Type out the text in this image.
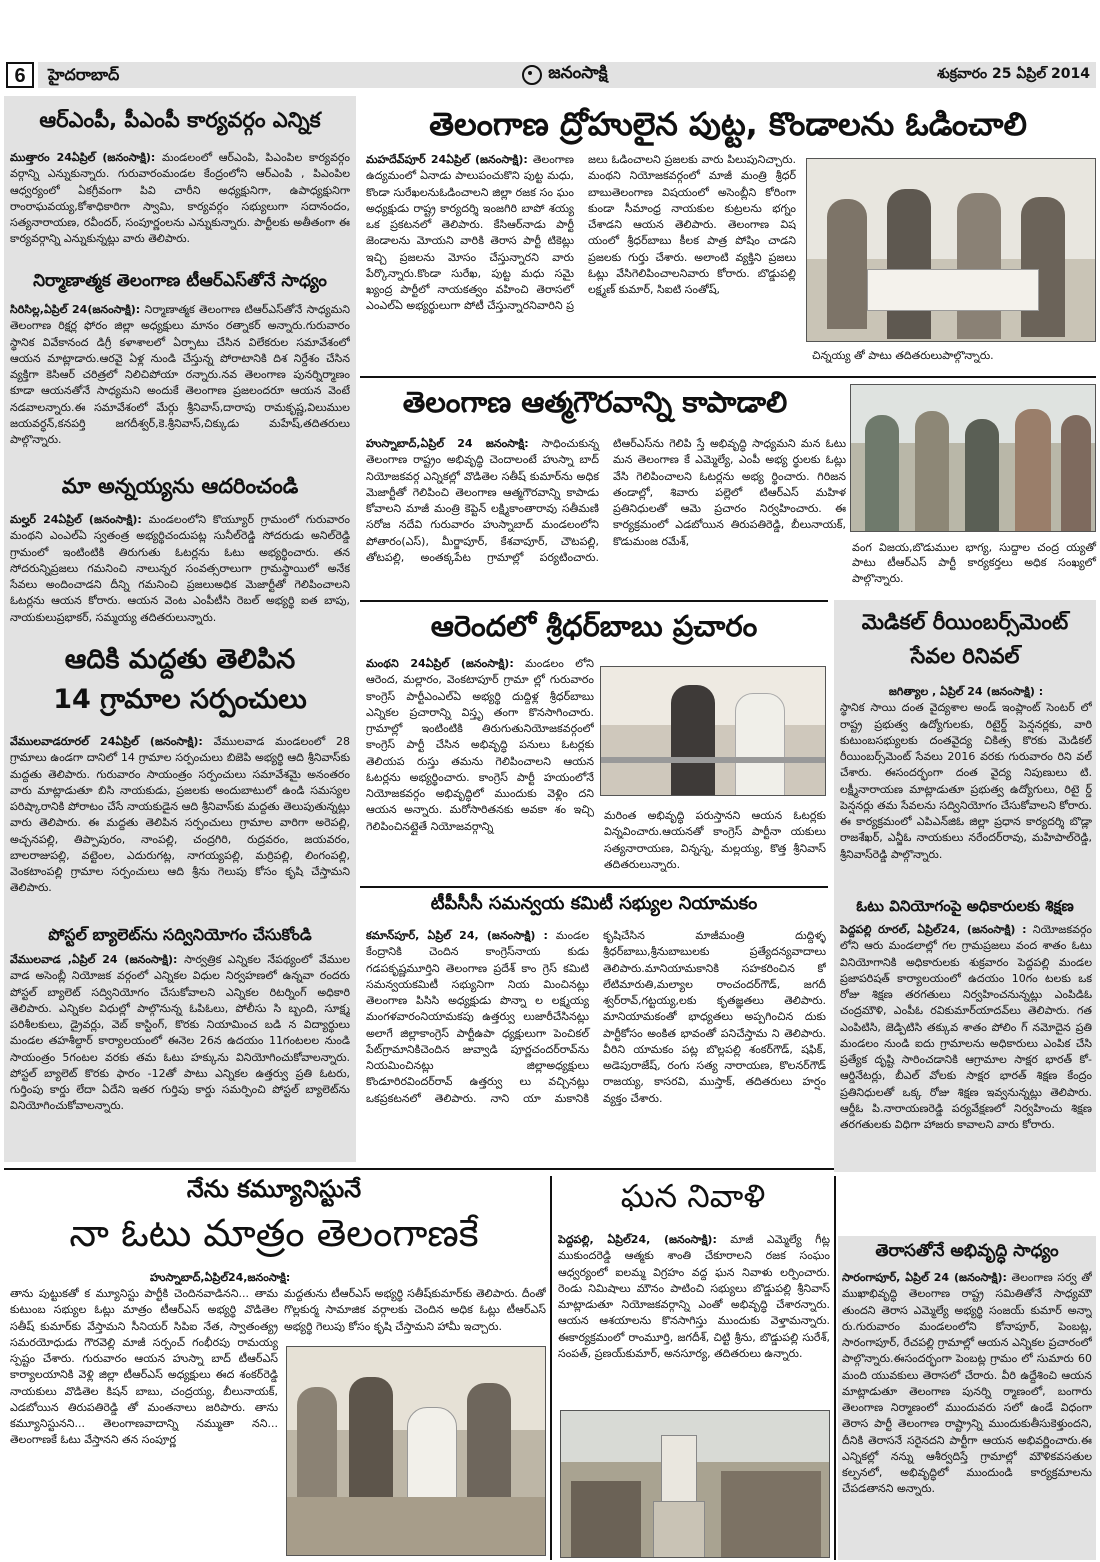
6	హైదరాబాద్	జనంసాక్షి	శుక్రవారం 25 ఏప్రిల్ 2014
ఆర్ఎంపీ, పీఎంపీ కార్యవర్గం ఎన్నిక
ముత్తారం 24ఏప్రిల్ (జనంసాక్షి): మండలంలో ఆర్ఎంపి, పిఎంపిల కార్యవర్గం వర్గాన్ని ఎన్నుకున్నారు. గురువారంమండల కేంద్రంలోని ఆర్ఎంపి , పిఎంపిల ఆధ్వర్యంలో ఏకగ్రీవంగా పివి చారీని అధ్యక్షునిగా, ఉపాధ్యక్షునిగా రాంరాఘవయ్య,కోశాధికారిగా స్వామి, కార్యవర్గం సభ్యులుగా సదానందం, సత్యనారాయణ, రవీందర్, సంపూర్ణంలను ఎన్నుకున్నారు. పార్టీలకు అతీతంగా ఈ కార్యవర్గాన్ని ఎన్నుకున్నట్లు వారు తెలిపారు.
నిర్మాణాత్మక తెలంగాణ టీఆర్ఎస్‌తోనే సాధ్యం
సిరిసిల్ల,ఏప్రిల్ 24(జనంసాక్షి): నిర్మాణాత్మక తెలంగాణ టిఆర్ఎస్‌తోనే సాధ్యమని తెలంగాణ రిక్షర్ల ఫోరం జిల్లా అధ్యక్షులు మానం రత్నాకర్ అన్నారు.గురువారం స్థానిక వివేకానంద డిగ్రీ కళాశాలలో ఏర్పాటు చేసిన విలేకరుల సమావేశంలో ఆయన మాట్లాడారు.ఆరవై ఏళ్ల నుండి చేస్తున్న పోరాటానికి దిశ నిర్దేశం చేసిన వ్యక్తిగా కెసిఆర్ చరిత్రలో నిలిచిపోయా రన్నారు.నవ తెలంగాణ పునర్నిర్మాణం కూడా ఆయనతోనే సాధ్యమని అందుకే తెలంగాణ ప్రజలందరూ ఆయన వెంటే నడవాలన్నారు.ఈ సమావేశంలో మేర్గు శ్రీనివాస్,దారాపు రామకృష్ణ,విలుముల జయవర్ధన్,కనపర్తి జగదీశ్వర్,కె.శ్రీనివాస్,చిక్కుడు మహేష్,తదితరులు పాల్గొన్నారు.
మా అన్నయ్యను ఆదరించండి
మల్హర్ 24ఏప్రిల్ (జనంసాక్షి): మండలంలోని కొయ్యూర్ గ్రామంలో గురువారం మంథని ఎంఎల్ఏ స్వతంత్ర అభ్యర్థిచందుపట్ల సునీల్‌రెడ్డి సోదరుడు అనిల్‌రెడ్డి గ్రామంలో ఇంటింటికి తిరుగుతు ఓటర్లను ఓటు అభ్యర్థించారు. తన సోదరున్నిప్రజలు గమనించి నాలున్నర సంవత్సరాలుగా గ్రామస్థాయిలో అనేక సేవలు అందించాడని దీన్ని గమనించి ప్రజలుఅధిక మెజార్టీతో గెలిపించాలని ఓటర్లను ఆయన కోరారు. ఆయన వెంట ఎంపీటీసి రెబల్ అభ్యర్థి ఐత బాపు, నాయకులుప్రభాకర్, సమ్మయ్య తదితరులున్నారు.
ఆదికి మద్దతు తెలిపిన
14 గ్రామాల సర్పంచులు
వేములవాడరూరల్ 24ఏప్రిల్ (జనంసాక్షి): వేములవాడ మండలంలో 28 గ్రామాలు ఉండగా దానిలో 14 గ్రామాల సర్పంచులు బిజెపి అభ్యర్థి ఆది శ్రీనివాస్‌కు మద్దతు తెలిపారు. గురువారం సాయంత్రం సర్పంచులు సమావేశమై అనంతరం వారు మాట్లాడుతూ బిసి నాయకుడు, ప్రజలకు అందుబాటులో ఉండి సమస్యల పరిష్కారానికి పోరాటం చేసే నాయకుడైన ఆది శ్రీనివాస్‌కు మద్దతు తెలుపుతున్నట్లు వారు తెలిపారు. ఈ మద్దతు తెలిపిన సర్పంచులు గ్రామాల వారిగా అరెపల్లి, అచ్చనపల్లి, తిప్పాపురం, నాంపల్లి, చంద్రగిరి, రుద్రవరం, జయవరం, బాలరాజుపల్లి, వట్టెంల, ఎదురుగట్ల, నాగయ్యపల్లి, మర్రిపల్లి, లింగంపల్లి, వెంకటాంపల్లి గ్రామాల సర్పంచులు ఆది శ్రీను గెలుపు కోసం కృషి చేస్తామని తెలిపారు.
పోస్టల్ బ్యాలెట్‌ను సద్వినియోగం చేసుకోండి
వేములవాడ ,ఏప్రిల్ 24 (జనంసాక్షి): సార్వత్రిక ఎన్నికల నేపథ్యంలో వేముల వాడ అసెంబ్లీ నియోజక వర్గంలో ఎన్నికల విధుల నిర్వహణలో ఉన్నవా రందరు పోస్టల్ బ్యాలెట్ సద్వినియోగం చేసుకోవాలని ఎన్నికల రిటర్నింగ్ అధికారి తెలిపారు. ఎన్నికల విధుల్లో పాల్గొనున్న ఓపిఓలు, పోలీసు సి బ్బంది, సూక్ష్మ పరిశీలకులు, డ్రైవర్లు, వెబ్ కాస్టింగ్, కొరకు నియామించ బడి న విద్యార్థులు మండల తహశీల్దార్ కార్యాలయంలో ఈనెల 26న ఉదయం 11గంటలల నుండి సాయంత్రం 5గంటల వరకు తమ ఓటు హక్కును వినియోగించుకోవాలన్నారు. పోస్టల్ బ్యాలెట్ కొరకు ఫారం -12తో పాటు ఎన్నికల ఉత్తర్వు ప్రతి ఓటరు, గుర్తింపు కార్డు లేదా ఏదేని ఇతర గుర్తిపు కార్డు సమర్పించి పోస్టల్ బ్యాలెట్‌ను వినియోగించుకోవాలన్నారు.
తెలంగాణ ద్రోహులైన పుట్ట, కొండాలను ఓడించాలి
మహదేవ్‌పూర్ 24ఏప్రిల్ (జనంసాక్షి): తెలంగాణ ఉద్యమంలో ఏనాడు పాలుపంచుకొని పుట్ట మధు, కొండా సురేఖలనుఓడించాలని జిల్లా రజక సం ఘం అధ్యక్షుడు రాష్ట్ర కార్యదర్శి ఇంజగిరి బాపో శయ్య ఒక ప్రకటనలో తెలిపారు. కేసిఆర్‌నాడు పార్టీ జెండాలను మోయని వారికి తెరాస పార్టీ టికెట్లు ఇచ్చి ప్రజలను మోసం చేస్తున్నారని వారు పేర్కొన్నారు.కొండా సురేఖ, పుట్ట మధు సమై ఖ్యంద్ర పార్టీలో నాయకత్వం వహించి తెరాసలో ఎంఎల్ఏ అభ్యర్థులుగా పోటీ చేస్తున్నారనివారిని ప్ర జలు ఓడించాలని ప్రజలకు వారు పిలుపునిచ్చారు. మంథని నియోజకవర్గంలో మాజీ మంత్రి శ్రీధర్ బాబుతెలంగాణ విషయంలో అసెంబ్లీని కోరింగా కుండా సీమాంధ్ర నాయకుల కుట్రలను భగ్నం చేశాడని ఆయన తెలిపారు. తెలంగాణ విష యంలో శ్రీధర్‌బాబు కీలక పాత్ర పోషిం చాడని ప్రజలకు గుర్తు చేశారు. అలాంటి వ్యక్తిని ప్రజలు ఓట్లు వేసిగెలిపించాలనివారు కోరారు. బొడ్డుపల్లి లక్ష్మణ్ కుమార్, సిఐటి సంతోష్,
చిన్నయ్య తో పాటు తదితరులుపాల్గొన్నారు.
తెలంగాణ ఆత్మగౌరవాన్ని కాపాడాలి
హుస్నాబాద్,ఏప్రిల్ 24 జనంసాక్షి: సాధించుకున్న తెలంగాణ రాష్ట్రం అభివృద్ధి చెందాలంటే హుస్నా బాద్ నియోజకవర్గ ఎన్నికల్లో వొడితెల సతీష్ కుమార్‌ను అధిక మెజార్టీతో గెలిపించి తెలంగాణ ఆత్మగౌరవాన్ని కాపాడు కోవాలని మాజీ మంత్రి కెప్టెన్ లక్ష్మికాంతారావు సతీమణి సరోజ నదేవి గురువారం హుస్నాబాద్ మండలంలోని పోతారం(ఎస్), మీర్జాపూర్, కేశవాపూర్, చౌటపల్లి, తోటపల్లి, అంతక్కపేట గ్రామాల్లో పర్యటించారు. టిఆర్ఎస్‌ను గెలిపి స్తే అభివృద్ధి సాధ్యమని మన ఓటు మన తెలంగాణ కే ఎమ్మెల్యే, ఎంపీ అభ్య ర్థులకు ఓట్లు వేసి గెలిపించాలని ఓటర్లను అభ్య ర్థించారు. గిరిజన తండాల్లో, శివారు పల్లెలో టిఆర్ఎస్ మహిళ ప్రతినిధులతో ఆమె ప్రచారం నిర్వహించారు. ఈ కార్యక్రమంలో ఎడబోయిన తిరుపతిరెడ్డి, బీలునాయక్, కొడుమంజ రమేశ్,	వంగ విజయ,బొడుముల భాగ్య, సుద్దాల చంద్ర య్యతో పాటు టీఆర్ఎస్ పార్టీ కార్యకర్తలు అధిక సంఖ్యలో పాల్గొన్నారు.
ఆరెందలో శ్రీధర్‌బాబు ప్రచారం
మంథని 24ఏప్రిల్ (జనంసాక్షి): మండలం లోని ఆరెంద, మల్లారం, వెంకటాపూర్ గ్రామా ల్లో గురువారం కాంగ్రెస్ పార్టీఎంఎల్ఏ అభ్యర్థి దుద్దిళ్ల శ్రీధర్‌బాబు ఎన్నికల ప్రచారాన్ని విస్తృ తంగా కొనసాగించారు. గ్రామాల్లో ఇంటింటికి తిరుగుతునియోజకవర్గంలో కాంగ్రెస్ పార్టీ చేసిన అభివృద్ధి పనులు ఓటర్లకు తెలియప రుస్తు తమను గెలిపించాలని ఆయన ఓటర్లను అభ్యర్థించారు. కాంగ్రెస్ పార్టీ హయంలోనే నియోజకవర్గం అభివృద్ధిలో ముందుకు వెళ్లిం దని ఆయన అన్నారు. మరోసారితనకు అవకా శం ఇచ్చి గెలిపించినట్లైతే నియోజవర్గాన్ని
మరింత అభివృద్ధి పరుస్తానని ఆయన ఓటర్లకు విన్నవించారు.ఆయనతో కాంగ్రెస్ పార్టీనా యకులు సత్యనారాయణ, విన్నస్న, మల్లయ్య, కొత్త శ్రీనివాస్ తదితరులున్నారు.
టీపీసీసీ సమన్వయ కమిటీ సభ్యుల నియామకం
కమాన్‌పూర్, ఏప్రిల్ 24, (జనంసాక్షి) : మండల కేంద్రానికి చెందిన కాంగ్రెస్‌నాయ కుడు గడపకృష్ణమూర్తిని తెలంగాణ ప్రదేశ్ కాం గ్రెస్ కమిటి సమన్వయకమిటీ సభ్యునిగా నియ మించినట్లు తెలంగాణ పిసిసి అధ్యక్షుడు పొన్నా ల లక్ష్మయ్య మంగళవారంనియామకపు ఉత్తర్వు లుజారీచేసినట్లు అలాగే జిల్లాకాంగ్రెస్ పార్టీఉపా ధ్యక్షులుగా పెంచికల్ పేట్‌గ్రామానికిచెందిన జువ్వాడి పూర్ణచందర్‌రావ్‌ను నియమించినట్లు జిల్లాఅధ్యక్షులు కొండూరిరవిందర్‌రావ్ ఉత్తర్వు లు వచ్చినట్లు ఒకప్రకటనలో తెలిపారు. నాని యా మకానికి కృషిచేసిన మాజీమంత్రి దుద్దిళ్ళ శ్రీధర్‌బాబు,శ్రీనుబాబులకు ప్రత్యేదన్యవాదాలు తెలిపారు.మానియామకానికి సహకరించిన కో లేటిమారుతి,మల్యాల రాంచందర్‌గౌడ్, జగదీ శ్వర్‌రావ్,గట్టయ్య,లకు కృతజ్ఞతలు తెలిపారు. మానియామకంతో భాధ్యతలు అప్పగించిన దుకు పార్టీకోసం అంకిత భావంతో పనిచేస్తామ ని తెలిపారు. వీరిని యామకం పట్ల బొల్లపల్లి శంకర్‌గౌడ్, షఫిక్, అడెపురాజేష్, రంగు సత్య నారాయణ, కొలనర్‌గౌడ్ రాజయ్య, కాసరవి, ముస్తాక్, తదితరులు హర్షం వ్యక్తం చేశారు.
మెడికల్ రీయింబర్స్‌మెంట్
సేవల రినివల్
జగిత్యాల , ఏప్రిల్ 24 (జనంసాక్షి) :
స్థానిక సాయి దంత వైద్యశాల అండ్ ఇంప్లాంట్ సెంటర్ లో రాష్ట్ర ప్రభుత్వ ఉద్యోగులకు, రిటైర్డ్ పెన్షనర్లకు, వారి కుటుంబసభ్యులకు దంతవైద్య చికిత్స కొరకు మెడికల్ రీయింబర్స్‌మెంట్ సేవలు 2016 వరకు గురువారం రిని వల్ చేశారు. ఈసందర్భంగా దంత వైద్య నిపుణులు టి. లక్ష్మీనారాయణ మాట్లాడుతూ ప్రభుత్వ ఉద్యోగులు, రిటై ర్డ్ పెన్షనర్లు తమ సేవలను సద్వినియోగం చేసుకోవాలని కోరారు. ఈ కార్యక్రమంలో ఎపిఎన్‌జిఓ జిల్లా ప్రధాన కార్యదర్శి బొడ్లా రాజశేఖర్, ఎన్జీఓ నాయకులు నరేందర్‌రావు, మహిపాల్‌రెడ్డి, శ్రీనివాస్‌రెడ్డి పాల్గొన్నారు.
ఓటు వినియోగంపై అధికారులకు శిక్షణ
పెద్దపల్లి రూరల్, ఏప్రిల్24, (జనంసాక్షి) : నియోజకవర్గం లోని ఆరు మండలాల్లో గల గ్రామప్రజలు వంద శాతం ఓటు వినియోగానికి అధికారులకు శుక్రవారం పెద్దపల్లి మండల ప్రజాపరిషత్ కార్యాలయంలో ఉదయం 10గం టలకు ఒక రోజు శిక్షణ తరగతులు నిర్వహించనున్నట్లు ఎంపిడిఓ చంద్రమౌళి, ఎంపీఓ రవికుమార్‌యాదవ్‌లు తెలిపారు. గత ఎంపిటిసి, జెడ్పిటిసి తక్కువ శాతం పోలిం గ్ నమోదైన ప్రతి మండలం నుండి ఐదు గ్రామాలను అధికారులు ఎంపిక చేసి ప్రత్యేక దృష్టి సారించడానికి ఆగ్రామాల సాక్షర భారత్ కో-ఆర్డినేటర్లు, బీఎల్ వోలకు సాక్షర భారత్ శిక్షణ కేంద్రం ప్రతినిధులతో ఒక్క రోజు శిక్షణ ఇవ్వనున్నట్లు తెలిపారు. ఆర్డీఓ పి.నారాయణరెడ్డి పర్యవేక్షణలో నిర్వహించు శిక్షణ తరగతులకు విధిగా హాజరు కావాలని వారు కోరారు.
నేను కమ్యూనిస్టునే
నా ఓటు మాత్రం తెలంగాణకే
హుస్నాబాద్,ఏప్రిల్24,జనంసాక్షి:
తాను పుట్టుకతో క మ్యూనిస్టు పార్టీకి చెందినవాడినని... తామ కుటుంబ సభ్యుల ఓట్లు మాత్రం టీఆర్ఎస్ అభ్యర్థి వొడితెల సతీష్ కుమార్‌కు వేస్తామని సీనియర్ సిపిఐ నేత, స్వాతంత్య్ర సమరయోధుడు గౌరవెల్లి మాజీ సర్పంచ్ గంభీరపు రామయ్య స్పష్టం చేశారు. గురువారం ఆయన హుస్నా బాద్ టీఆర్ఎస్ కార్యాలయానికి వెళ్లి జిల్లా టీఆర్ఎస్ అధ్యక్షులు ఈద శంకర్‌రెడ్డి నాయకులు వొడితెల కిషన్ బాబు, చంద్రయ్య, బీలునాయక్, ఎడబోయిన తిరుపతిరెడ్డి తో మంతనాలు జరిపారు. తాను కమ్యూనిస్టునని... తెలంగాణవాదాన్ని నమ్ముతా నని... తెలంగాణకే ఓటు వేస్తానని తన సంపూర్ణ
మద్దతును టీఆర్ఎస్ అభ్యర్థి సతీష్‌కుమార్‌కు తెలిపారు. దీంతో గొల్లకుర్మ సామాజిక వర్గాలకు చెందిన అధిక ఓట్లు టీఆర్ఎస్ అభ్యర్థి గెలుపు కోసం కృషి చేస్తామని హామీ ఇచ్చారు.
ఘన నివాళి
పెద్దపల్లి, ఏప్రిల్24, (జనంసాక్షి): మాజీ ఎమ్మెల్యే గీట్ల ముకుందరెడ్డి ఆత్మకు శాంతి చేకూరాలని రజక సంఘం ఆధ్వర్యంలో ఐలమ్మ విగ్రహం వద్ద ఘన నివాళు లర్పించారు. రెండు నిమిషాలు మౌనం పాటించి సభ్యులు బొడ్డుపల్లి శ్రీనివాస్ మాట్లాడుతూ నియోజకవర్గాన్ని ఎంతో అభివృద్ధి చేశారన్నారు. ఆయన ఆశయాలను కొనసాగిస్తు ముందుకు వెళ్తామన్నారు. ఈకార్యక్రమంలో రాంమూర్తి, జగదీశ్, చిట్టి శ్రీను, బొడ్డుపల్లి సురేశ్, సంపత్, ప్రణయ్‌కుమార్, అనసూర్య, తదితరులు ఉన్నారు.
తెరాసతోనే అభివృద్ధి సాధ్యం
సారంగాపూర్, ఏప్రిల్ 24 (జనంసాక్షి): తెలంగాణ సర్వ తో ముఖాభివృద్ధి తెలంగాణ రాష్ట్ర సమితితోనే సాధ్యమౌ తుందని తెరాస ఎమ్మెల్యే అభ్యర్థి సంజయ్ కుమార్ అన్నా రు.గురువారం మండలంలోని కోనాపూర్, పెంబట్ల, సారంగాపూర్, రేచపల్లి గ్రామాల్లో ఆయన ఎన్నికల ప్రచారంలో పాల్గొన్నారు.ఈసందర్భంగా పెంబట్ల గ్రామం లో సుమారు 60 మంది యువకులు తెరాసలో చేరారు. వీరి ఉద్దేశించి ఆయన మాట్లాడుతూ తెలంగాణ పునర్ని ర్మాణంలో, బంగారు తెలంగాణ నిర్మాణంలో ముందువరు సలో ఉండే విధంగా తెరాస పార్టీ తెలంగాణ రాష్ట్రాన్ని ముందుకుతీసుకెళ్తుందని, దీనికి తెరాసనే సరైనదని పార్టీగా ఆయన అభివర్ణించారు.ఈ ఎన్నికల్లో నన్ను ఆశీర్వదిస్తే గ్రామాల్లో మౌళికవసతుల కల్పనలో, అభివృద్ధిలో ముందుండి కార్యక్రమాలను చేపడతానని అన్నారు.
